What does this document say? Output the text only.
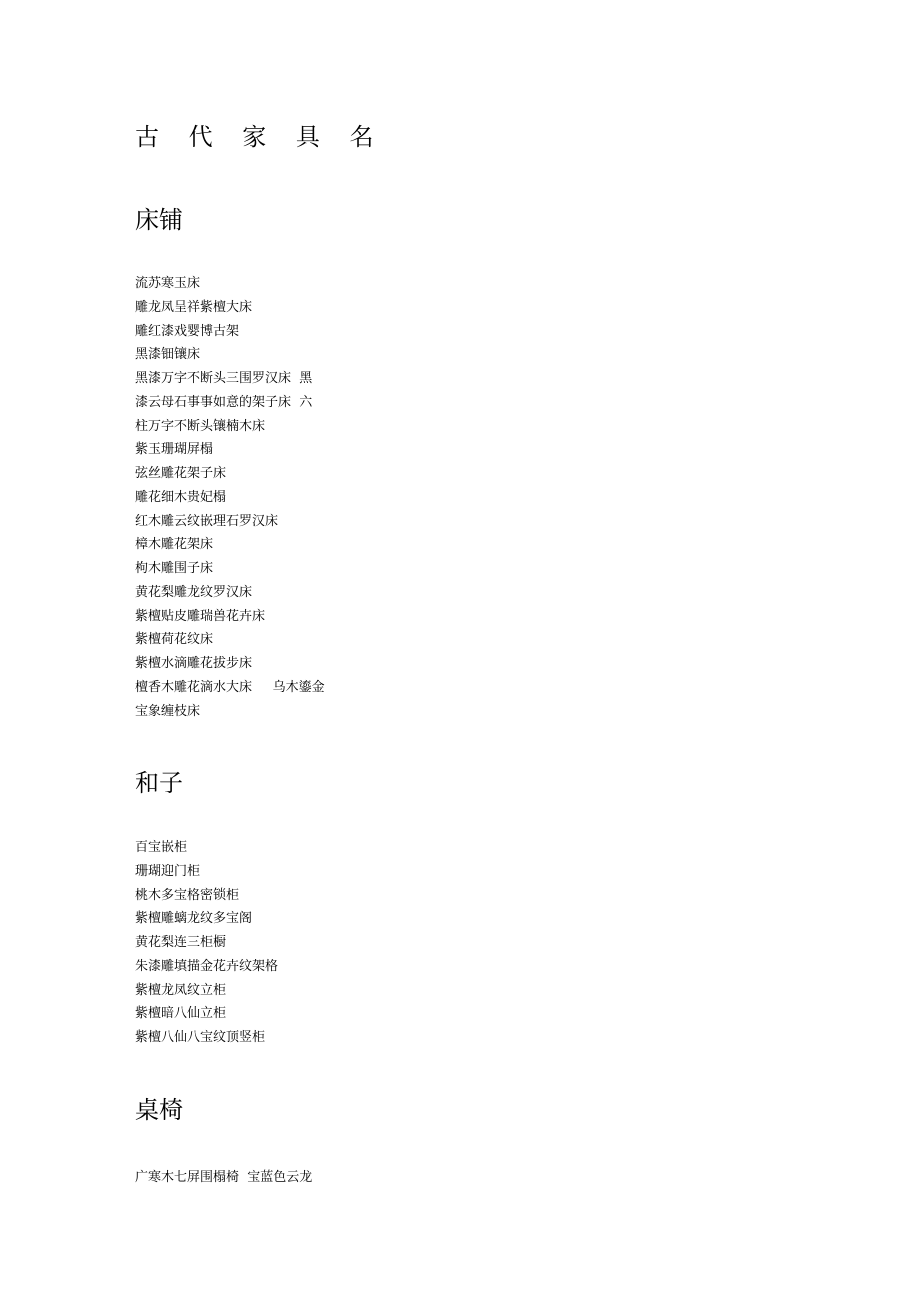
古 代 家 具 名
床铺
流苏寒玉床
雕龙凤呈祥紫檀大床
雕红漆戏婴博古架
黑漆钿镶床
黑漆万字不断头三围罗汉床  黑
漆云母石事事如意的架子床  六
柱万字不断头镶楠木床
紫玉珊瑚屏榻
弦丝雕花架子床
雕花细木贵妃榻
红木雕云纹嵌理石罗汉床
樟木雕花架床
枸木雕围子床
黄花梨雕龙纹罗汉床
紫檀贴皮雕瑞兽花卉床
紫檀荷花纹床
紫檀水滴雕花拔步床
檀香木雕花滴水大床     乌木鎏金
宝象缠枝床
和子
百宝嵌柜
珊瑚迎门柜
桃木多宝格密锁柜
紫檀雕螭龙纹多宝阁
黄花梨连三柜橱
朱漆雕填描金花卉纹架格
紫檀龙凤纹立柜
紫檀暗八仙立柜
紫檀八仙八宝纹顶竖柜
桌椅
广寒木七屏围榻椅  宝蓝色云龙
